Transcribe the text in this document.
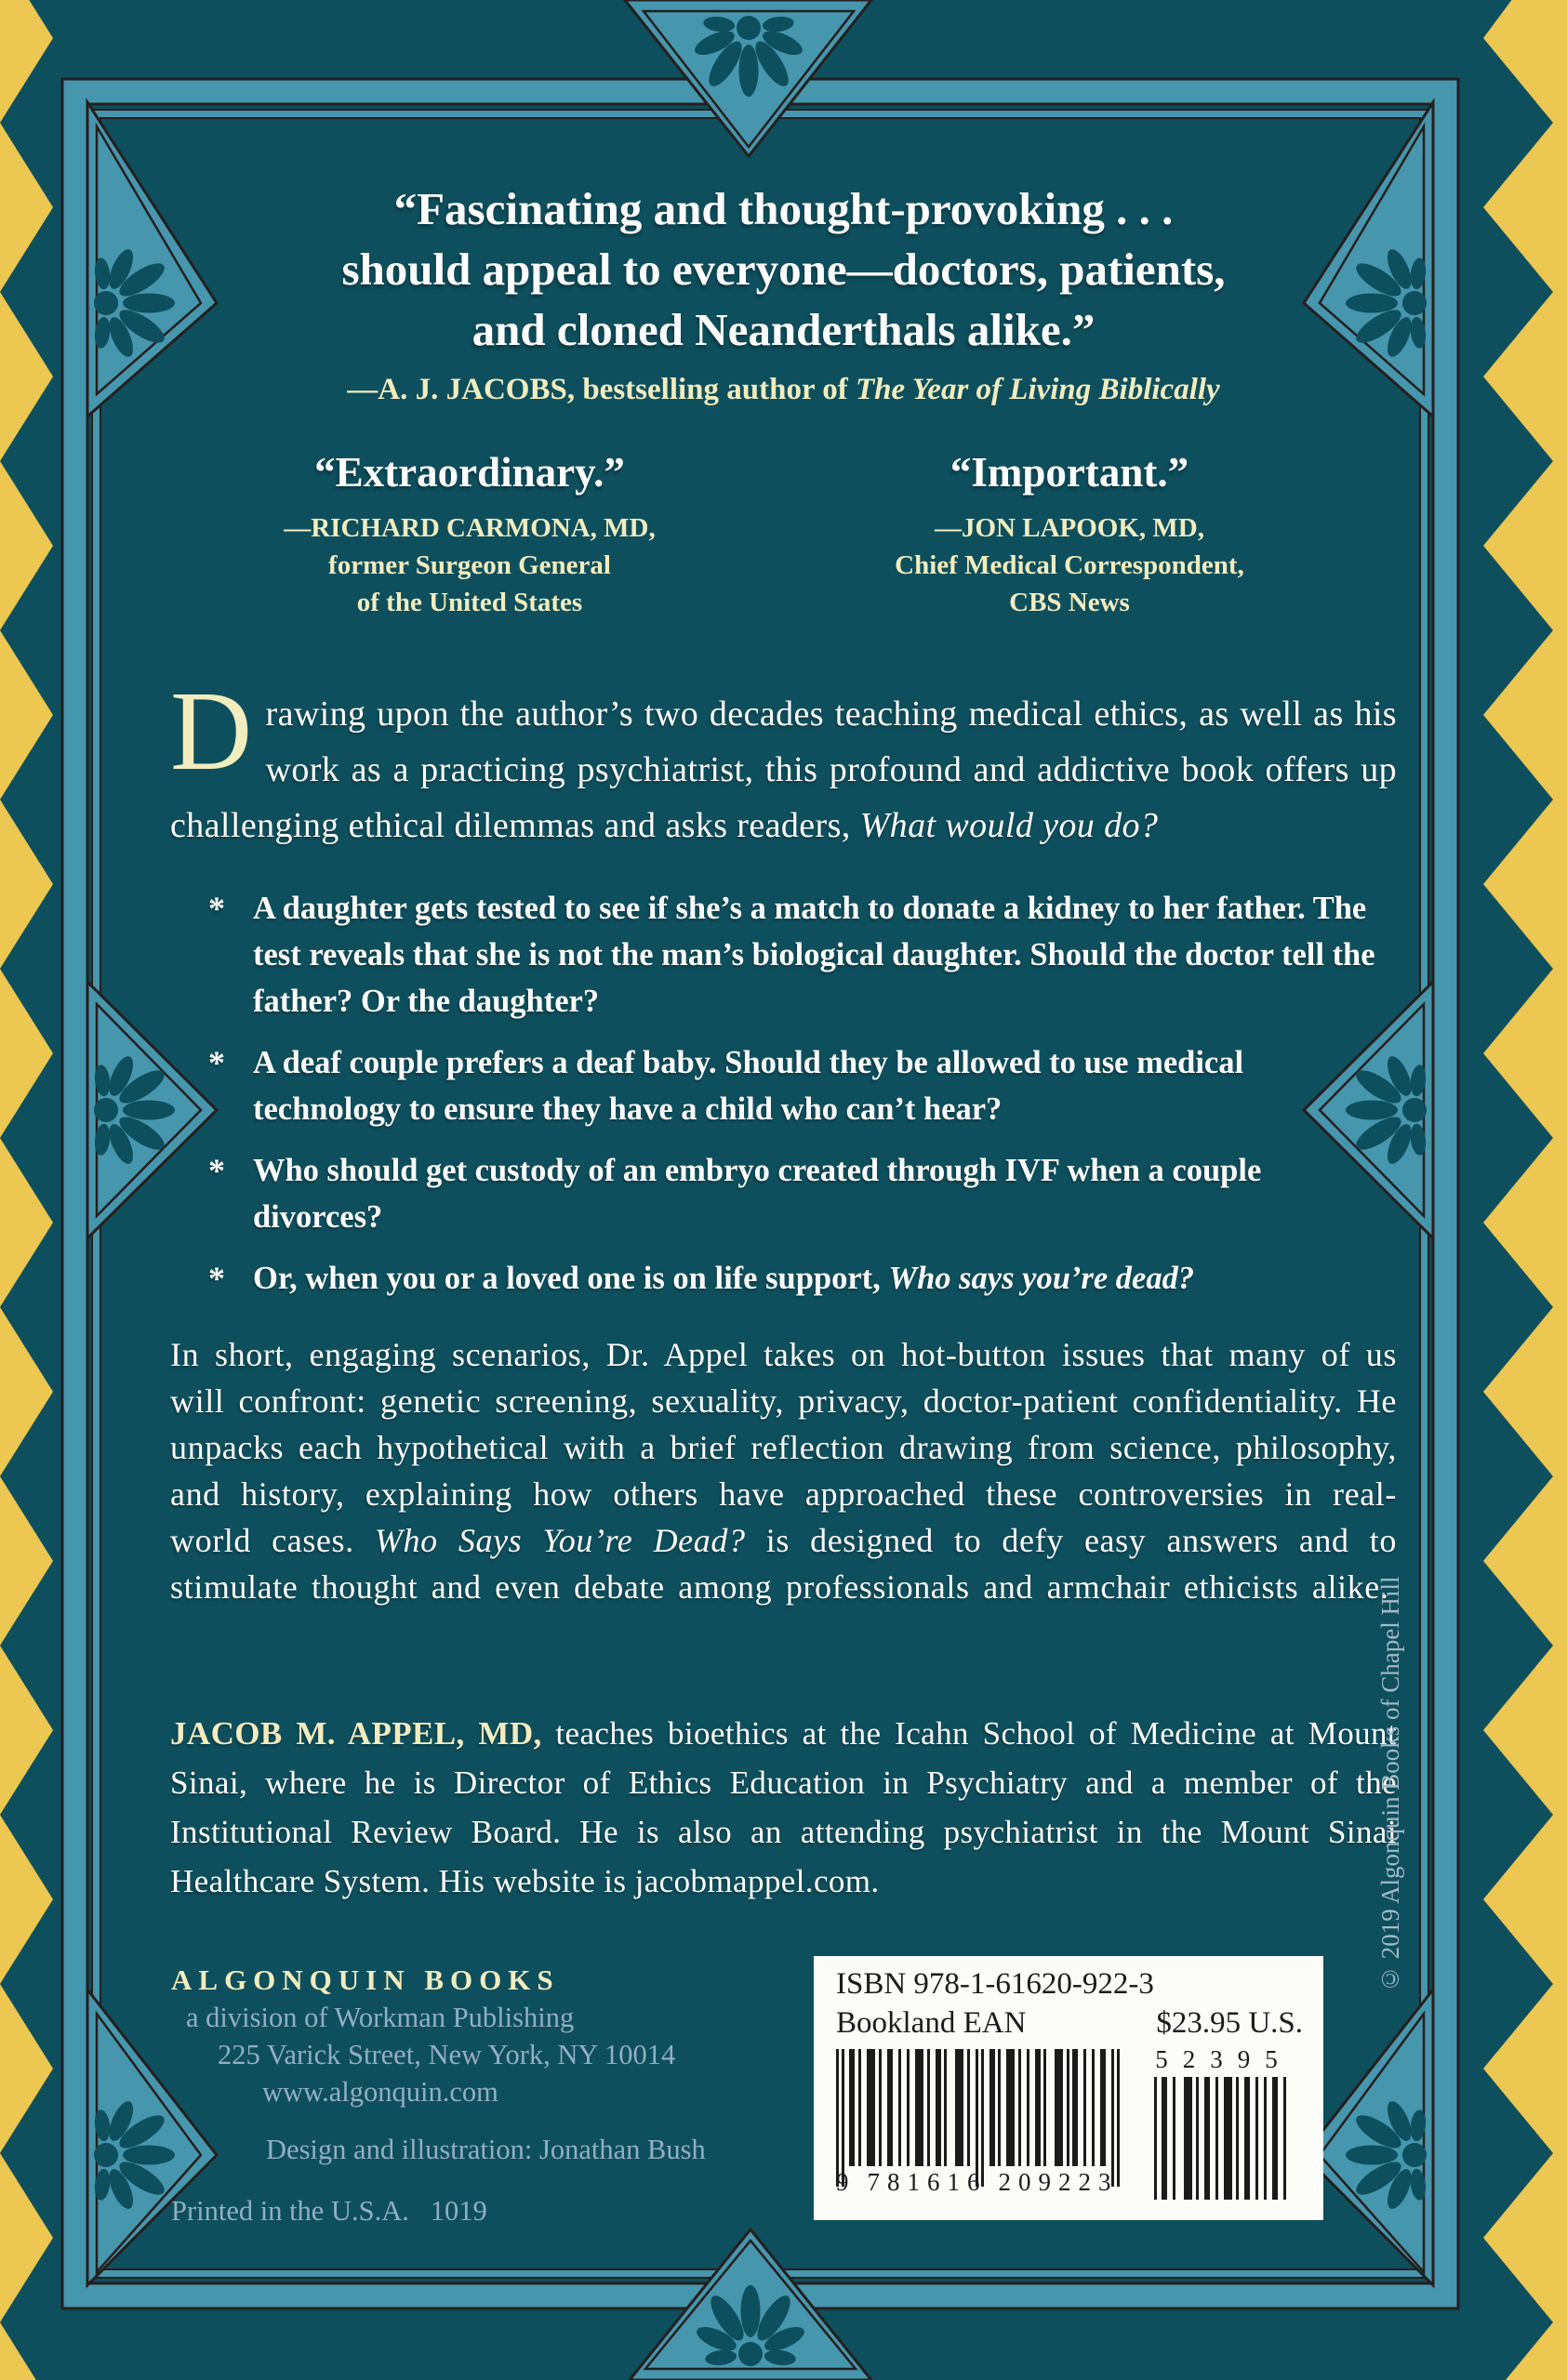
“Fascinating and thought-provoking . . .
should appeal to everyone—doctors, patients,
and cloned Neanderthals alike.”
—A. J. JACOBS, bestselling author of The Year of Living Biblically
“Extraordinary.”
—RICHARD CARMONA, MD,
former Surgeon General
of the United States
“Important.”
—JON LAPOOK, MD,
Chief Medical Correspondent,
CBS News
Drawing upon the author’s two decades teaching medical ethics, as well as his work as a practicing psychiatrist, this profound and addictive book offers up challenging ethical dilemmas and asks readers, What would you do?
* A daughter gets tested to see if she’s a match to donate a kidney to her father. The test reveals that she is not the man’s biological daughter. Should the doctor tell the father? Or the daughter?
* A deaf couple prefers a deaf baby. Should they be allowed to use medical technology to ensure they have a child who can’t hear?
* Who should get custody of an embryo created through IVF when a couple divorces?
* Or, when you or a loved one is on life support, Who says you’re dead?
In short, engaging scenarios, Dr. Appel takes on hot-button issues that many of us will confront: genetic screening, sexuality, privacy, doctor-patient confidentiality. He unpacks each hypothetical with a brief reflection drawing from science, philosophy, and history, explaining how others have approached these controversies in real-world cases. Who Says You’re Dead? is designed to defy easy answers and to stimulate thought and even debate among professionals and armchair ethicists alike.
JACOB M. APPEL, MD, teaches bioethics at the Icahn School of Medicine at Mount Sinai, where he is Director of Ethics Education in Psychiatry and a member of the Institutional Review Board. He is also an attending psychiatrist in the Mount Sinai Healthcare System. His website is jacobmappel.com.
ALGONQUIN BOOKS
a division of Workman Publishing
225 Varick Street, New York, NY 10014
www.algonquin.com
Design and illustration: Jonathan Bush
Printed in the U.S.A.   1019
ISBN 978-1-61620-922-3
Bookland EAN	$23.95 U.S.
9 781616 209223
52395
© 2019 Algonquin Books of Chapel Hill
